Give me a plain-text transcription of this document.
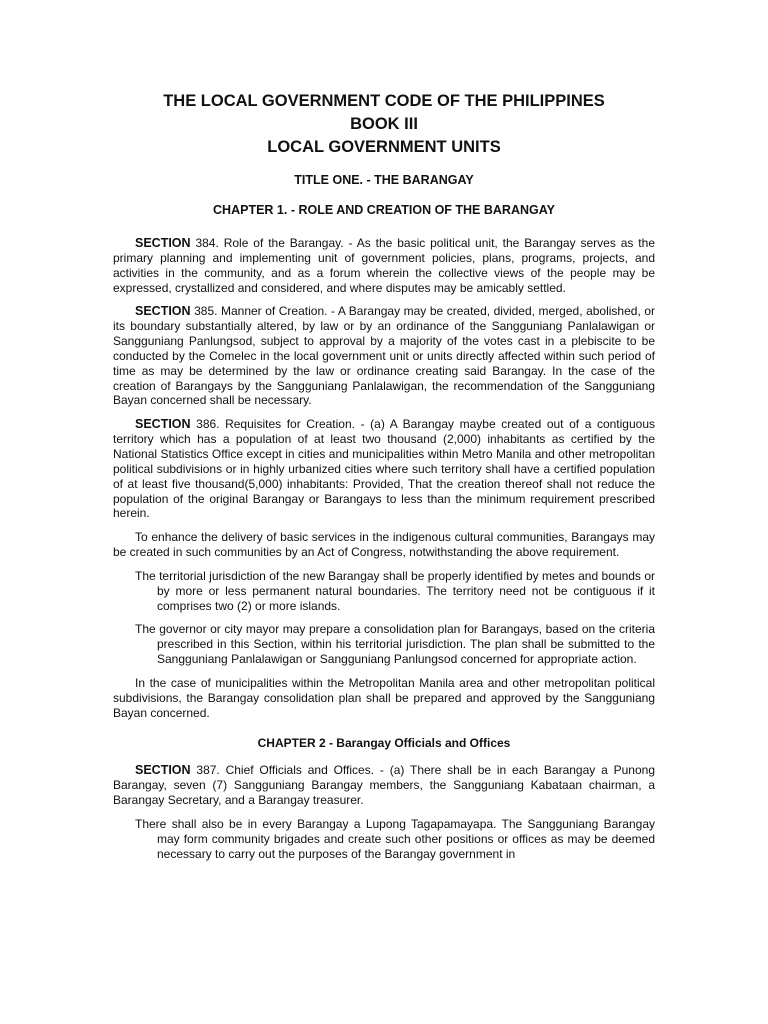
THE LOCAL GOVERNMENT CODE OF THE PHILIPPINES
BOOK III
LOCAL GOVERNMENT UNITS

TITLE ONE. - THE BARANGAY

CHAPTER 1. - ROLE AND CREATION OF THE BARANGAY

SECTION 384. Role of the Barangay. - As the basic political unit, the Barangay serves as the primary planning and implementing unit of government policies, plans, programs, projects, and activities in the community, and as a forum wherein the collective views of the people may be expressed, crystallized and considered, and where disputes may be amicably settled.

SECTION 385. Manner of Creation. - A Barangay may be created, divided, merged, abolished, or its boundary substantially altered, by law or by an ordinance of the Sangguniang Panlalawigan or Sangguniang Panlungsod, subject to approval by a majority of the votes cast in a plebiscite to be conducted by the Comelec in the local government unit or units directly affected within such period of time as may be determined by the law or ordinance creating said Barangay. In the case of the creation of Barangays by the Sangguniang Panlalawigan, the recommendation of the Sangguniang Bayan concerned shall be necessary.

SECTION 386. Requisites for Creation. - (a) A Barangay maybe created out of a contiguous territory which has a population of at least two thousand (2,000) inhabitants as certified by the National Statistics Office except in cities and municipalities within Metro Manila and other metropolitan political subdivisions or in highly urbanized cities where such territory shall have a certified population of at least five thousand(5,000) inhabitants: Provided, That the creation thereof shall not reduce the population of the original Barangay or Barangays to less than the minimum requirement prescribed herein.

To enhance the delivery of basic services in the indigenous cultural communities, Barangays may be created in such communities by an Act of Congress, notwithstanding the above requirement.

The territorial jurisdiction of the new Barangay shall be properly identified by metes and bounds or by more or less permanent natural boundaries. The territory need not be contiguous if it comprises two (2) or more islands.

The governor or city mayor may prepare a consolidation plan for Barangays, based on the criteria prescribed in this Section, within his territorial jurisdiction. The plan shall be submitted to the Sangguniang Panlalawigan or Sangguniang Panlungsod concerned for appropriate action.

In the case of municipalities within the Metropolitan Manila area and other metropolitan political subdivisions, the Barangay consolidation plan shall be prepared and approved by the Sangguniang Bayan concerned.

CHAPTER 2 - Barangay Officials and Offices

SECTION 387. Chief Officials and Offices. - (a) There shall be in each Barangay a Punong Barangay, seven (7) Sangguniang Barangay members, the Sangguniang Kabataan chairman, a Barangay Secretary, and a Barangay treasurer.

There shall also be in every Barangay a Lupong Tagapamayapa. The Sangguniang Barangay may form community brigades and create such other positions or offices as may be deemed necessary to carry out the purposes of the Barangay government in
